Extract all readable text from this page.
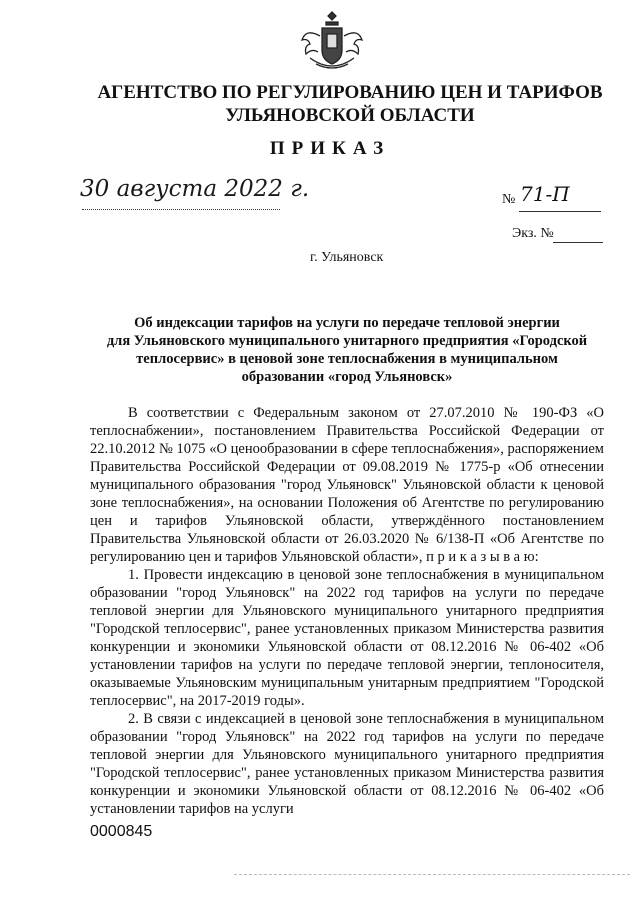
АГЕНТСТВО ПО РЕГУЛИРОВАНИЮ ЦЕН И ТАРИФОВ
УЛЬЯНОВСКОЙ ОБЛАСТИ
ПРИКАЗ
30 августа 2022 г.	№ 71-П
Экз. №
г. Ульяновск
Об индексации тарифов на услуги по передаче тепловой энергии
для Ульяновского муниципального унитарного предприятия «Городской
теплосервис» в ценовой зоне теплоснабжения в муниципальном
образовании «город Ульяновск»

В соответствии с Федеральным законом от 27.07.2010 № 190-ФЗ «О теплоснабжении», постановлением Правительства Российской Федерации от 22.10.2012 № 1075 «О ценообразовании в сфере теплоснабжения», распоряжением Правительства Российской Федерации от 09.08.2019 № 1775-р «Об отнесении муниципального образования "город Ульяновск" Ульяновской области к ценовой зоне теплоснабжения», на основании Положения об Агентстве по регулированию цен и тарифов Ульяновской области, утверждённого постановлением Правительства Ульяновской области от 26.03.2020 № 6/138-П «Об Агентстве по регулированию цен и тарифов Ульяновской области», п р и к а з ы в а ю:

1. Провести индексацию в ценовой зоне теплоснабжения в муниципальном образовании "город Ульяновск" на 2022 год тарифов на услуги по передаче тепловой энергии для Ульяновского муниципального унитарного предприятия "Городской теплосервис", ранее установленных приказом Министерства развития конкуренции и экономики Ульяновской области от 08.12.2016 № 06-402 «Об установлении тарифов на услуги по передаче тепловой энергии, теплоносителя, оказываемые Ульяновским муниципальным унитарным предприятием "Городской теплосервис", на 2017-2019 годы».

2. В связи с индексацией в ценовой зоне теплоснабжения в муниципальном образовании "город Ульяновск" на 2022 год тарифов на услуги по передаче тепловой энергии для Ульяновского муниципального унитарного предприятия "Городской теплосервис", ранее установленных приказом Министерства развития конкуренции и экономики Ульяновской области от 08.12.2016 № 06-402 «Об установлении тарифов на услуги

0000845
